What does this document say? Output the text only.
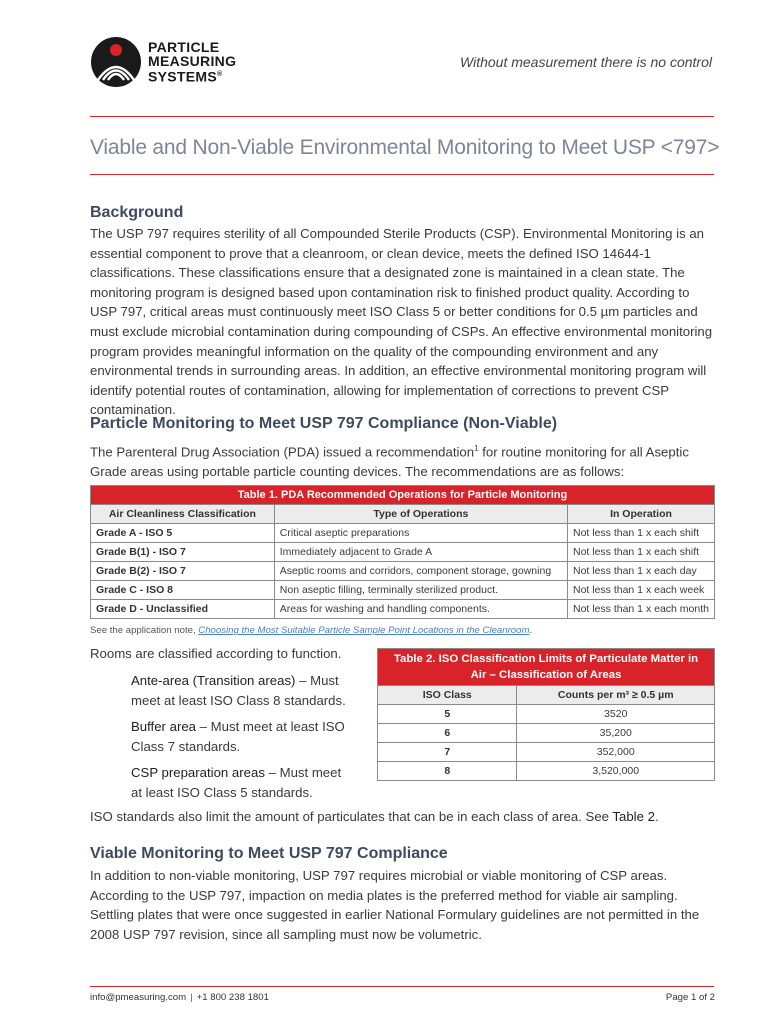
PARTICLE
MEASURING
SYSTEMS®
Without measurement there is no control
Viable and Non-Viable Environmental Monitoring to Meet USP <797>
Background

The USP 797 requires sterility of all Compounded Sterile Products (CSP). Environmental Monitoring is an essential component to prove that a cleanroom, or clean device, meets the defined ISO 14644-1 classifications. These classifications ensure that a designated zone is maintained in a clean state. The monitoring program is designed based upon contamination risk to finished product quality. According to USP 797, critical areas must continuously meet ISO Class 5 or better conditions for 0.5 µm particles and must exclude microbial contamination during compounding of CSPs. An effective environmental monitoring program provides meaningful information on the quality of the compounding environment and any environmental trends in surrounding areas. In addition, an effective environmental monitoring program will identify potential routes of contamination, allowing for implementation of corrections to prevent CSP contamination.

Particle Monitoring to Meet USP 797 Compliance (Non-Viable)

The Parenteral Drug Association (PDA) issued a recommendation$^1$ for routine monitoring for all Aseptic Grade areas using portable particle counting devices. The recommendations are as follows:

Table 1. PDA Recommended Operations for Particle Monitoring		
Air Cleanliness Classification	Type of Operations	In Operation
Grade A - ISO 5	Critical aseptic preparations	Not less than 1 x each shift
Grade B(1) - ISO 7	Immediately adjacent to Grade A	Not less than 1 x each shift
Grade B(2) - ISO 7	Aseptic rooms and corridors, component storage, gowning	Not less than 1 x each day
Grade C - ISO 8	Non aseptic filling, terminally sterilized product.	Not less than 1 x each week
Grade D - Unclassified	Areas for washing and handling components.	Not less than 1 x each month
See the application note, Choosing the Most Suitable Particle Sample Point Locations in the Cleanroom.
Rooms are classified according to function.
Ante-area (Transition areas) – Must meet at least ISO Class 8 standards.
Buffer area – Must meet at least ISO Class 7 standards.
CSP preparation areas – Must meet at least ISO Class 5 standards.
Table 2. ISO Classification Limits of Particulate Matter in Air – Classification of Areas	
ISO Class	Counts per m³ ≥ 0.5 µm
5	3520
6	35,200
7	352,000
8	3,520,000

ISO standards also limit the amount of particulates that can be in each class of area. See Table 2.

Viable Monitoring to Meet USP 797 Compliance

In addition to non-viable monitoring, USP 797 requires microbial or viable monitoring of CSP areas. According to the USP 797, impaction on media plates is the preferred method for viable air sampling. Settling plates that were once suggested in earlier National Formulary guidelines are not permitted in the 2008 USP 797 revision, since all sampling must now be volumetric.

info@pmeasuring.com | +1 800 238 1801	Page 1 of 2
